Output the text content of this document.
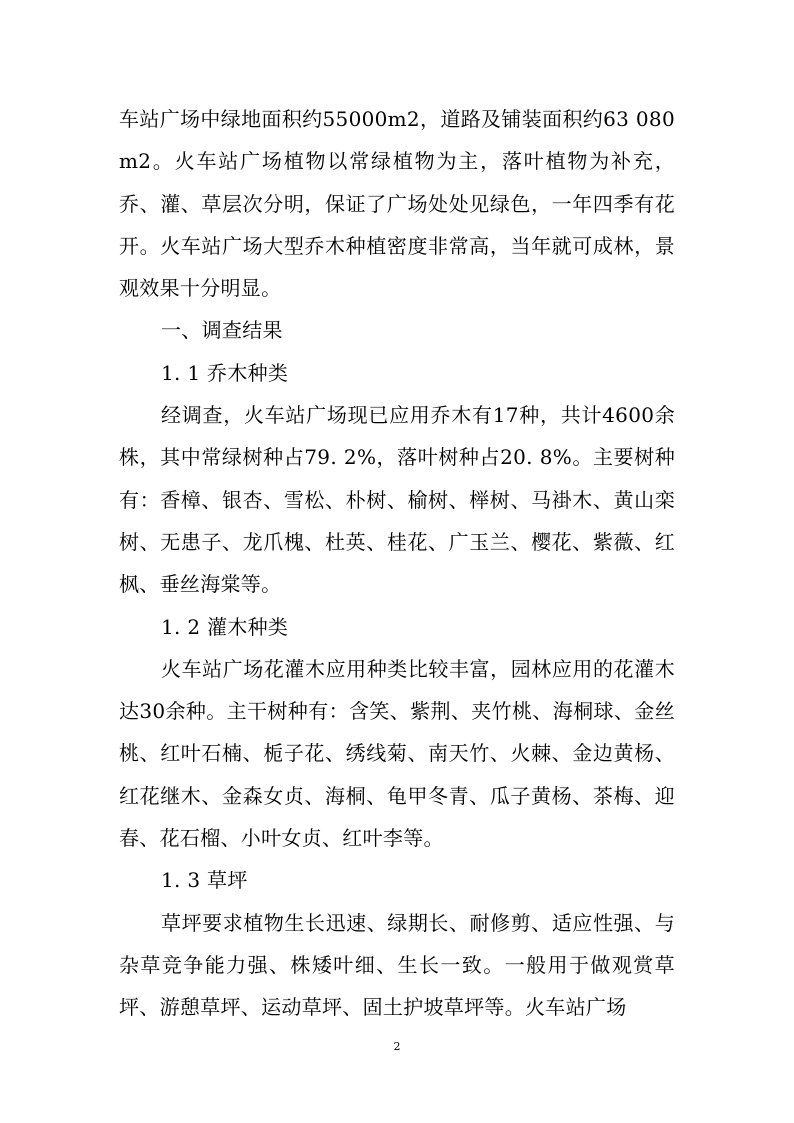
车站广场中绿地面积约55000m2，道路及铺装面积约63 080 m2。火车站广场植物以常绿植物为主，落叶植物为补充，乔、灌、草层次分明，保证了广场处处见绿色，一年四季有花开。火车站广场大型乔木种植密度非常高，当年就可成林，景观效果十分明显。

一、调查结果

1. 1 乔木种类

经调查，火车站广场现已应用乔木有17种，共计4600余株，其中常绿树种占79. 2%，落叶树种占20. 8%。主要树种有：香樟、银杏、雪松、朴树、榆树、榉树、马褂木、黄山栾树、无患子、龙爪槐、杜英、桂花、广玉兰、樱花、紫薇、红枫、垂丝海棠等。

1. 2 灌木种类

火车站广场花灌木应用种类比较丰富，园林应用的花灌木达30余种。主干树种有：含笑、紫荆、夹竹桃、海桐球、金丝桃、红叶石楠、栀子花、绣线菊、南天竹、火棘、金边黄杨、红花继木、金森女贞、海桐、龟甲冬青、瓜子黄杨、茶梅、迎春、花石榴、小叶女贞、红叶李等。

1. 3 草坪

草坪要求植物生长迅速、绿期长、耐修剪、适应性强、与杂草竞争能力强、株矮叶细、生长一致。一般用于做观赏草坪、游憩草坪、运动草坪、固土护坡草坪等。火车站广场

2
